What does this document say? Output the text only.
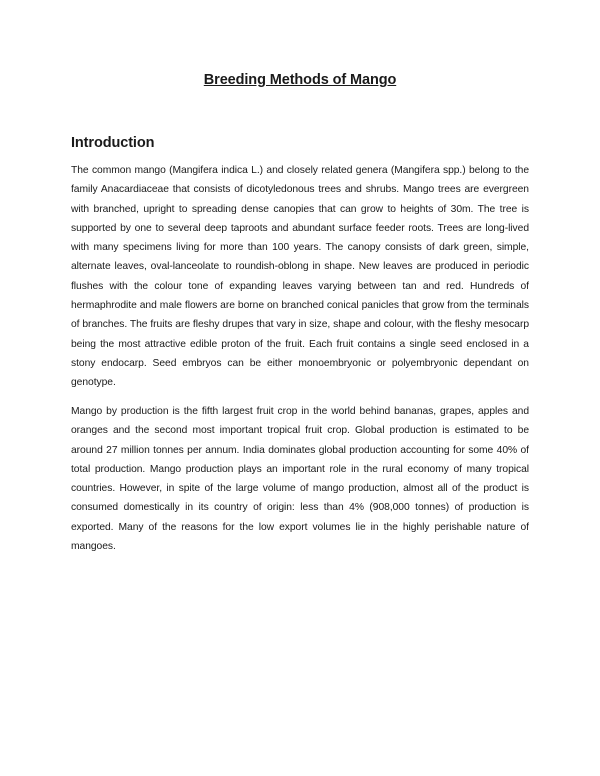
Breeding Methods of Mango
Introduction

The common mango (Mangifera indica L.) and closely related genera (Mangifera spp.) belong to the family Anacardiaceae that consists of dicotyledonous trees and shrubs. Mango trees are evergreen with branched, upright to spreading dense canopies that can grow to heights of 30m. The tree is supported by one to several deep taproots and abundant surface feeder roots. Trees are long-lived with many specimens living for more than 100 years. The canopy consists of dark green, simple, alternate leaves, oval-lanceolate to roundish-oblong in shape. New leaves are produced in periodic flushes with the colour tone of expanding leaves varying between tan and red. Hundreds of hermaphrodite and male flowers are borne on branched conical panicles that grow from the terminals of branches. The fruits are fleshy drupes that vary in size, shape and colour, with the fleshy mesocarp being the most attractive edible proton of the fruit. Each fruit contains a single seed enclosed in a stony endocarp. Seed embryos can be either monoembryonic or polyembryonic dependant on genotype.

Mango by production is the fifth largest fruit crop in the world behind bananas, grapes, apples and oranges and the second most important tropical fruit crop. Global production is estimated to be around 27 million tonnes per annum. India dominates global production accounting for some 40% of total production. Mango production plays an important role in the rural economy of many tropical countries. However, in spite of the large volume of mango production, almost all of the product is consumed domestically in its country of origin: less than 4% (908,000 tonnes) of production is exported. Many of the reasons for the low export volumes lie in the highly perishable nature of mangoes.
